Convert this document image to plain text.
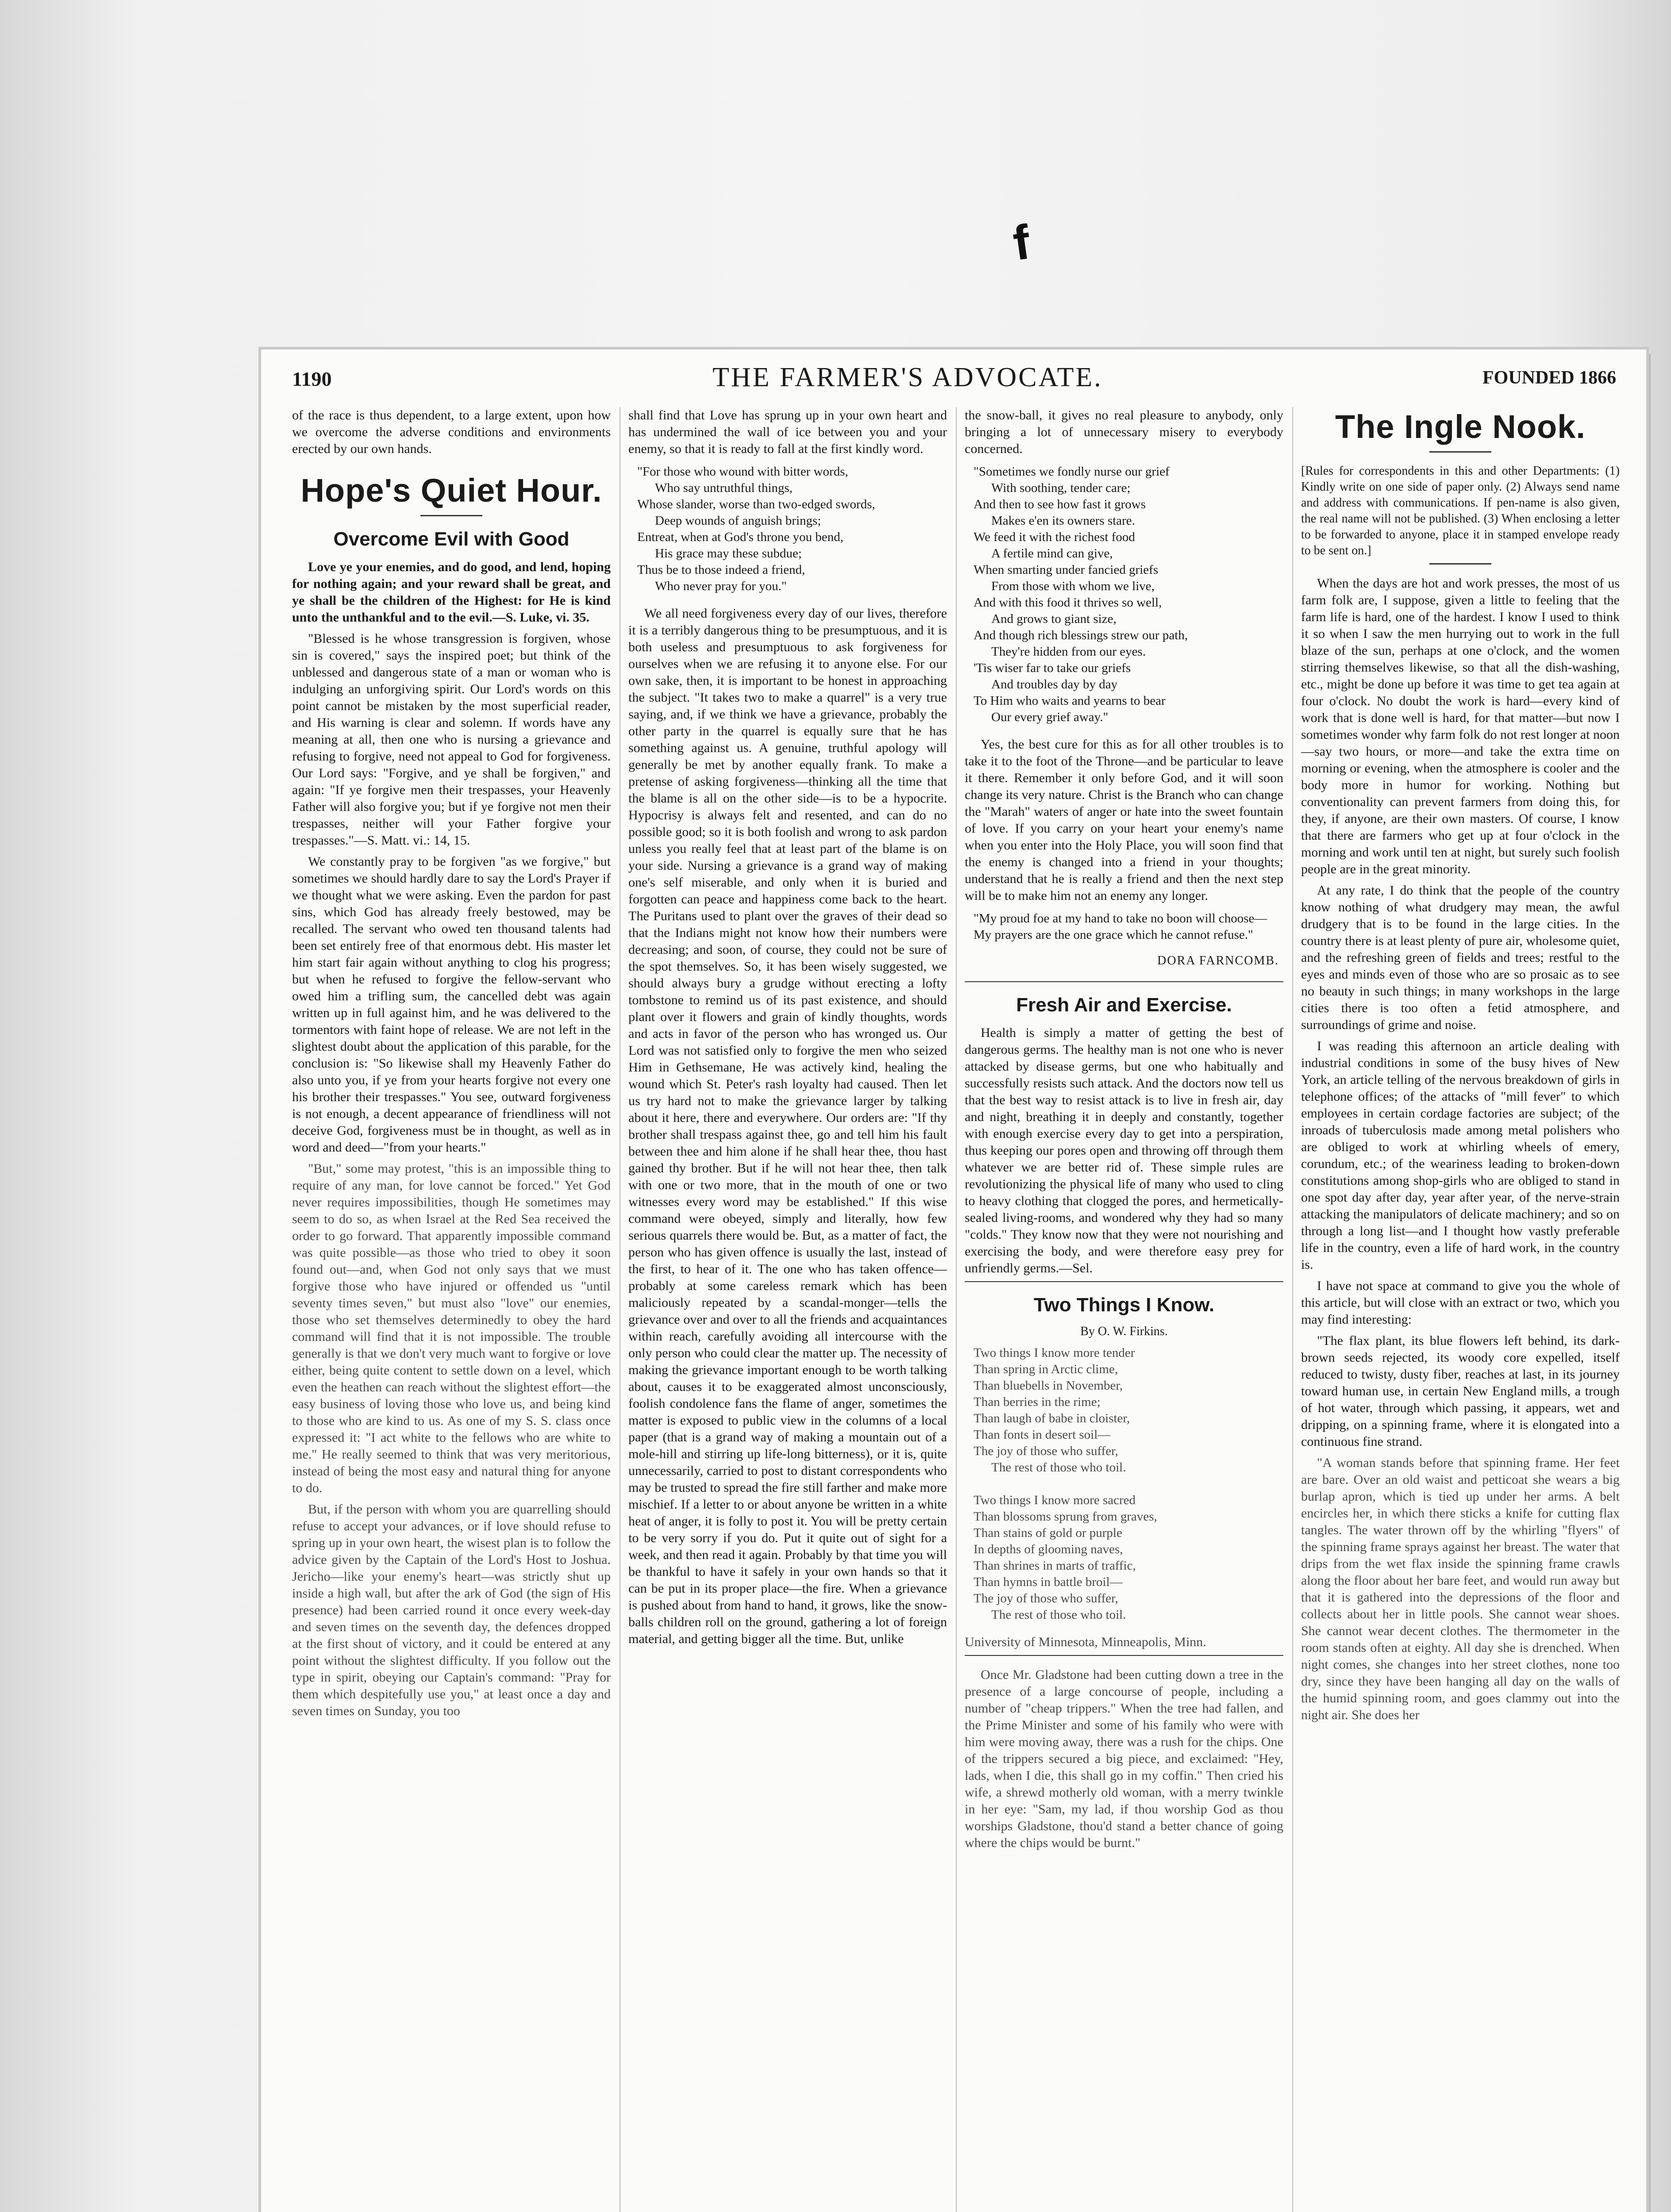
f
1190	THE FARMER'S ADVOCATE.	FOUNDED 1866

of the race is thus dependent, to a large extent, upon how we overcome the adverse conditions and environments erected by our own hands.

Hope's Quiet Hour.
Overcome Evil with Good

Love ye your enemies, and do good, and lend, hoping for nothing again; and your reward shall be great, and ye shall be the children of the Highest: for He is kind unto the unthankful and to the evil.—S. Luke, vi. 35.

"Blessed is he whose transgression is forgiven, whose sin is covered," says the inspired poet; but think of the unblessed and dangerous state of a man or woman who is indulging an unforgiving spirit. Our Lord's words on this point cannot be mistaken by the most superficial reader, and His warning is clear and solemn. If words have any meaning at all, then one who is nursing a grievance and refusing to forgive, need not appeal to God for forgiveness. Our Lord says: "Forgive, and ye shall be forgiven," and again: "If ye forgive men their trespasses, your Heavenly Father will also forgive you; but if ye forgive not men their trespasses, neither will your Father forgive your trespasses."—S. Matt. vi.: 14, 15.

We constantly pray to be forgiven "as we forgive," but sometimes we should hardly dare to say the Lord's Prayer if we thought what we were asking. Even the pardon for past sins, which God has already freely bestowed, may be recalled. The servant who owed ten thousand talents had been set entirely free of that enormous debt. His master let him start fair again without anything to clog his progress; but when he refused to forgive the fellow-servant who owed him a trifling sum, the cancelled debt was again written up in full against him, and he was delivered to the tormentors with faint hope of release. We are not left in the slightest doubt about the application of this parable, for the conclusion is: "So likewise shall my Heavenly Father do also unto you, if ye from your hearts forgive not every one his brother their trespasses." You see, outward forgiveness is not enough, a decent appearance of friendliness will not deceive God, forgiveness must be in thought, as well as in word and deed—"from your hearts."

"But," some may protest, "this is an impossible thing to require of any man, for love cannot be forced." Yet God never requires impossibilities, though He sometimes may seem to do so, as when Israel at the Red Sea received the order to go forward. That apparently impossible command was quite possible—as those who tried to obey it soon found out—and, when God not only says that we must forgive those who have injured or offended us "until seventy times seven," but must also "love" our enemies, those who set themselves determinedly to obey the hard command will find that it is not impossible. The trouble generally is that we don't very much want to forgive or love either, being quite content to settle down on a level, which even the heathen can reach without the slightest effort—the easy business of loving those who love us, and being kind to those who are kind to us. As one of my S. S. class once expressed it: "I act white to the fellows who are white to me." He really seemed to think that was very meritorious, instead of being the most easy and natural thing for anyone to do.

But, if the person with whom you are quarrelling should refuse to accept your advances, or if love should refuse to spring up in your own heart, the wisest plan is to follow the advice given by the Captain of the Lord's Host to Joshua. Jericho—like your enemy's heart—was strictly shut up inside a high wall, but after the ark of God (the sign of His presence) had been carried round it once every week-day and seven times on the seventh day, the defences dropped at the first shout of victory, and it could be entered at any point without the slightest difficulty. If you follow out the type in spirit, obeying our Captain's command: "Pray for them which despitefully use you," at least once a day and seven times on Sunday, you too

shall find that Love has sprung up in your own heart and has undermined the wall of ice between you and your enemy, so that it is ready to fall at the first kindly word.

"For those who wound with bitter words,
Who say untruthful things,
Whose slander, worse than two-edged swords,
Deep wounds of anguish brings;
Entreat, when at God's throne you bend,
His grace may these subdue;
Thus be to those indeed a friend,
Who never pray for you."

We all need forgiveness every day of our lives, therefore it is a terribly dangerous thing to be presumptuous, and it is both useless and presumptuous to ask forgiveness for ourselves when we are refusing it to anyone else. For our own sake, then, it is important to be honest in approaching the subject. "It takes two to make a quarrel" is a very true saying, and, if we think we have a grievance, probably the other party in the quarrel is equally sure that he has something against us. A genuine, truthful apology will generally be met by another equally frank. To make a pretense of asking forgiveness—thinking all the time that the blame is all on the other side—is to be a hypocrite. Hypocrisy is always felt and resented, and can do no possible good; so it is both foolish and wrong to ask pardon unless you really feel that at least part of the blame is on your side. Nursing a grievance is a grand way of making one's self miserable, and only when it is buried and forgotten can peace and happiness come back to the heart. The Puritans used to plant over the graves of their dead so that the Indians might not know how their numbers were decreasing; and soon, of course, they could not be sure of the spot themselves. So, it has been wisely suggested, we should always bury a grudge without erecting a lofty tombstone to remind us of its past existence, and should plant over it flowers and grain of kindly thoughts, words and acts in favor of the person who has wronged us. Our Lord was not satisfied only to forgive the men who seized Him in Gethsemane, He was actively kind, healing the wound which St. Peter's rash loyalty had caused. Then let us try hard not to make the grievance larger by talking about it here, there and everywhere. Our orders are: "If thy brother shall trespass against thee, go and tell him his fault between thee and him alone if he shall hear thee, thou hast gained thy brother. But if he will not hear thee, then talk with one or two more, that in the mouth of one or two witnesses every word may be established." If this wise command were obeyed, simply and literally, how few serious quarrels there would be. But, as a matter of fact, the person who has given offence is usually the last, instead of the first, to hear of it. The one who has taken offence—probably at some careless remark which has been maliciously repeated by a scandal-monger—tells the grievance over and over to all the friends and acquaintances within reach, carefully avoiding all intercourse with the only person who could clear the matter up. The necessity of making the grievance important enough to be worth talking about, causes it to be exaggerated almost unconsciously, foolish condolence fans the flame of anger, sometimes the matter is exposed to public view in the columns of a local paper (that is a grand way of making a mountain out of a mole-hill and stirring up life-long bitterness), or it is, quite unnecessarily, carried to post to distant correspondents who may be trusted to spread the fire still farther and make more mischief. If a letter to or about anyone be written in a white heat of anger, it is folly to post it. You will be pretty certain to be very sorry if you do. Put it quite out of sight for a week, and then read it again. Probably by that time you will be thankful to have it safely in your own hands so that it can be put in its proper place—the fire. When a grievance is pushed about from hand to hand, it grows, like the snow-balls children roll on the ground, gathering a lot of foreign material, and getting bigger all the time. But, unlike

the snow-ball, it gives no real pleasure to anybody, only bringing a lot of unnecessary misery to everybody concerned.

"Sometimes we fondly nurse our grief
With soothing, tender care;
And then to see how fast it grows
Makes e'en its owners stare.
We feed it with the richest food
A fertile mind can give,
When smarting under fancied griefs
From those with whom we live,
And with this food it thrives so well,
And grows to giant size,
And though rich blessings strew our path,
They're hidden from our eyes.
'Tis wiser far to take our griefs
And troubles day by day
To Him who waits and yearns to bear
Our every grief away."

Yes, the best cure for this as for all other troubles is to take it to the foot of the Throne—and be particular to leave it there. Remember it only before God, and it will soon change its very nature. Christ is the Branch who can change the "Marah" waters of anger or hate into the sweet fountain of love. If you carry on your heart your enemy's name when you enter into the Holy Place, you will soon find that the enemy is changed into a friend in your thoughts; understand that he is really a friend and then the next step will be to make him not an enemy any longer.

"My proud foe at my hand to take no boon will choose—
My prayers are the one grace which he cannot refuse."
DORA FARNCOMB.
Fresh Air and Exercise.

Health is simply a matter of getting the best of dangerous germs. The healthy man is not one who is never attacked by disease germs, but one who habitually and successfully resists such attack. And the doctors now tell us that the best way to resist attack is to live in fresh air, day and night, breathing it in deeply and constantly, together with enough exercise every day to get into a perspiration, thus keeping our pores open and throwing off through them whatever we are better rid of. These simple rules are revolutionizing the physical life of many who used to cling to heavy clothing that clogged the pores, and hermetically-sealed living-rooms, and wondered why they had so many "colds." They know now that they were not nourishing and exercising the body, and were therefore easy prey for unfriendly germs.—Sel.

Two Things I Know.
By O. W. Firkins.
Two things I know more tender
Than spring in Arctic clime,
Than bluebells in November,
Than berries in the rime;
Than laugh of babe in cloister,
Than fonts in desert soil—
The joy of those who suffer,
The rest of those who toil.
Two things I know more sacred
Than blossoms sprung from graves,
Than stains of gold or purple
In depths of glooming naves,
Than shrines in marts of traffic,
Than hymns in battle broil—
The joy of those who suffer,
The rest of those who toil.

University of Minnesota, Minneapolis, Minn.

Once Mr. Gladstone had been cutting down a tree in the presence of a large concourse of people, including a number of "cheap trippers." When the tree had fallen, and the Prime Minister and some of his family who were with him were moving away, there was a rush for the chips. One of the trippers secured a big piece, and exclaimed: "Hey, lads, when I die, this shall go in my coffin." Then cried his wife, a shrewd motherly old woman, with a merry twinkle in her eye: "Sam, my lad, if thou worship God as thou worships Gladstone, thou'd stand a better chance of going where the chips would be burnt."

The Ingle Nook.

[Rules for correspondents in this and other Departments: (1) Kindly write on one side of paper only. (2) Always send name and address with communications. If pen-name is also given, the real name will not be published. (3) When enclosing a letter to be forwarded to anyone, place it in stamped envelope ready to be sent on.]

When the days are hot and work presses, the most of us farm folk are, I suppose, given a little to feeling that the farm life is hard, one of the hardest. I know I used to think it so when I saw the men hurrying out to work in the full blaze of the sun, perhaps at one o'clock, and the women stirring themselves likewise, so that all the dish-washing, etc., might be done up before it was time to get tea again at four o'clock. No doubt the work is hard—every kind of work that is done well is hard, for that matter—but now I sometimes wonder why farm folk do not rest longer at noon—say two hours, or more—and take the extra time on morning or evening, when the atmosphere is cooler and the body more in humor for working. Nothing but conventionality can prevent farmers from doing this, for they, if anyone, are their own masters. Of course, I know that there are farmers who get up at four o'clock in the morning and work until ten at night, but surely such foolish people are in the great minority.

At any rate, I do think that the people of the country know nothing of what drudgery may mean, the awful drudgery that is to be found in the large cities. In the country there is at least plenty of pure air, wholesome quiet, and the refreshing green of fields and trees; restful to the eyes and minds even of those who are so prosaic as to see no beauty in such things; in many workshops in the large cities there is too often a fetid atmosphere, and surroundings of grime and noise.

I was reading this afternoon an article dealing with industrial conditions in some of the busy hives of New York, an article telling of the nervous breakdown of girls in telephone offices; of the attacks of "mill fever" to which employees in certain cordage factories are subject; of the inroads of tuberculosis made among metal polishers who are obliged to work at whirling wheels of emery, corundum, etc.; of the weariness leading to broken-down constitutions among shop-girls who are obliged to stand in one spot day after day, year after year, of the nerve-strain attacking the manipulators of delicate machinery; and so on through a long list—and I thought how vastly preferable life in the country, even a life of hard work, in the country is.

I have not space at command to give you the whole of this article, but will close with an extract or two, which you may find interesting:

"The flax plant, its blue flowers left behind, its dark-brown seeds rejected, its woody core expelled, itself reduced to twisty, dusty fiber, reaches at last, in its journey toward human use, in certain New England mills, a trough of hot water, through which passing, it appears, wet and dripping, on a spinning frame, where it is elongated into a continuous fine strand.

"A woman stands before that spinning frame. Her feet are bare. Over an old waist and petticoat she wears a big burlap apron, which is tied up under her arms. A belt encircles her, in which there sticks a knife for cutting flax tangles. The water thrown off by the whirling "flyers" of the spinning frame sprays against her breast. The water that drips from the wet flax inside the spinning frame crawls along the floor about her bare feet, and would run away but that it is gathered into the depressions of the floor and collects about her in little pools. She cannot wear shoes. She cannot wear decent clothes. The thermometer in the room stands often at eighty. All day she is drenched. When night comes, she changes into her street clothes, none too dry, since they have been hanging all day on the walls of the humid spinning room, and goes clammy out into the night air. She does her
